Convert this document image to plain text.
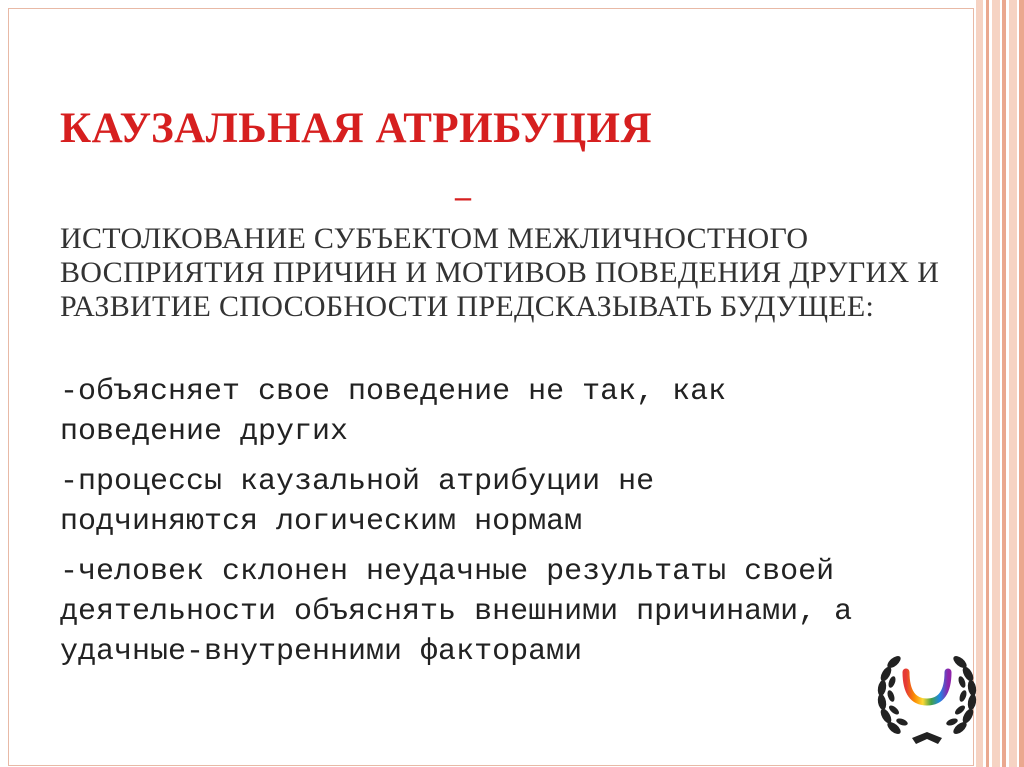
КАУЗАЛЬНАЯ АТРИБУЦИЯ
–

ИСТОЛКОВАНИЕ СУБЪЕКТОМ МЕЖЛИЧНОСТНОГО ВОСПРИЯТИЯ ПРИЧИН И МОТИВОВ ПОВЕДЕНИЯ ДРУГИХ И РАЗВИТИЕ СПОСОБНОСТИ ПРЕДСКАЗЫВАТЬ БУДУЩЕЕ:

-объясняет свое поведение не так, как поведение других
-процессы каузальной атрибуции не подчиняются логическим нормам
-человек склонен неудачные результаты своей деятельности объяснять внешними причинами, а удачные-внутренними факторами
